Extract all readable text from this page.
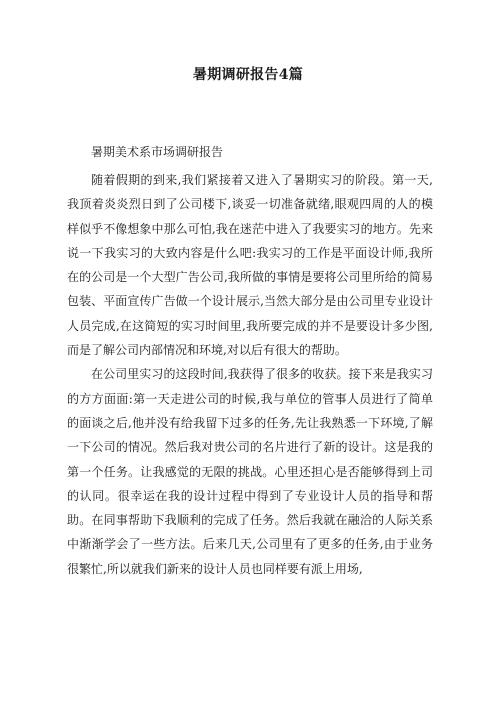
暑期调研报告4篇
暑期美术系市场调研报告

随着假期的到来,我们紧接着又进入了暑期实习的阶段。第一天,我顶着炎炎烈日到了公司楼下,谈妥一切准备就绪,眼观四周的人的模样似乎不像想象中那么可怕,我在迷茫中进入了我要实习的地方。先来说一下我实习的大致内容是什么吧:我实习的工作是平面设计师,我所在的公司是一个大型广告公司,我所做的事情是要将公司里所给的简易包装、平面宣传广告做一个设计展示,当然大部分是由公司里专业设计人员完成,在这简短的实习时间里,我所要完成的并不是要设计多少图,而是了解公司内部情况和环境,对以后有很大的帮助。

在公司里实习的这段时间,我获得了很多的收获。接下来是我实习的方方面面:第一天走进公司的时候,我与单位的管事人员进行了简单的面谈之后,他并没有给我留下过多的任务,先让我熟悉一下环境,了解一下公司的情况。然后我对贵公司的名片进行了新的设计。这是我的第一个任务。让我感觉的无限的挑战。心里还担心是否能够得到上司的认同。很幸运在我的设计过程中得到了专业设计人员的指导和帮助。在同事帮助下我顺利的完成了任务。然后我就在融洽的人际关系中渐渐学会了一些方法。后来几天,公司里有了更多的任务,由于业务很繁忙,所以就我们新来的设计人员也同样要有派上用场,
